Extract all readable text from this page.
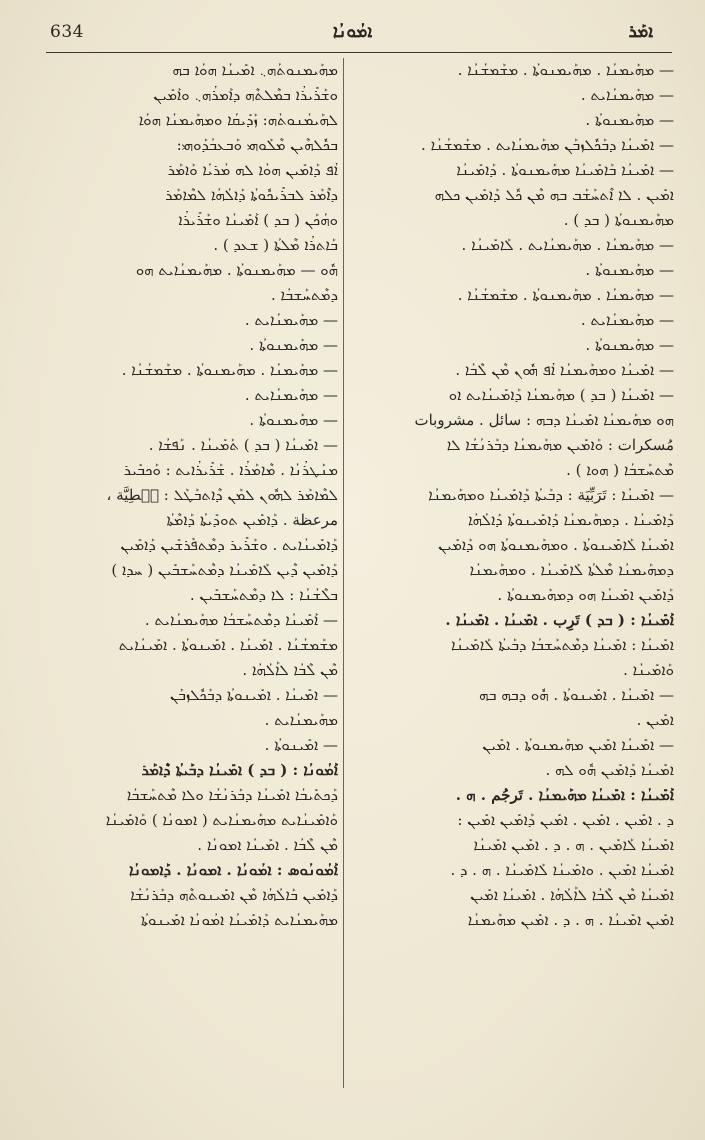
634	ܐܡܳܘܢܳܐ	ܐܡܰܪ
ܡܗܰܝܡܢܘܬܳܗ܆ ܐܡܺܝܢܳܐ ܗܘܳܐ ܒܗ
ܘܫܰܪܺܝܪܳܐ ܒܡܶܠܬܶܗ ܕܐܰܡܪܳܗ܆ ܘܐܰܡܺܝܢ
ܠܗܰܝܡܳܢܘܬܳܗ: ܙܰܕܺܝܩܳܐ ܘܡܗܰܝܡܢܳܐ ܗܘܳܐ
ܒܟܽܠܗܶܝܢ ܡܶܠܰܘܗܝ ܘܰܒܥܒܳܕܰܘܗܝ:
ܐܳܦ ܕܰܐܡܺܝܢ ܗܘܳܐ ܠܗ ܡܳܪܝܳܐ ܘܰܐܡܰܪ
ܕܐܶܡܰܪ ܠܒܪܺܝܟܽܘܬܳܐ ܕܰܐܠܳܗܳܐ ܠܡܶܐܡܰܪ
ܘܗܳܟܰܢ ( ܒܕ ) ܐܰܡܺܝܢܳܐ ܘܫܰܪܺܝܪܳܐ
ܒܰܐܬܪܳܐ ܡܶܠܬܳܐ ( ܫܥܕ ) .
ܗܽܘ — ܡܗܰܝܡܢܘܬܳܐ . ܡܗܰܝܡܢܳܐܝܬ ܗܘ
ܕܡܶܬܚܰܫܒܳܐ .
— ܡܗܰܝܡܢܳܐܝܬ .
— ܡܗܰܝܡܢܘܬܳܐ .
— ܡܗܰܝܡܢܳܐ . ܡܗܰܝܡܢܘܬܳܐ . ܡܫܰܡܫܳܢܳܐ .
— ܡܗܰܝܡܢܳܐܝܬ .
— ܡܗܰܝܡܢܘܬܳܐ .
— ܐܡܺܝܢܳܐ ( ܒܕ ) ܬܰܡܺܝܢܳܐ . ܢܰܦܫܳܐ .
ܡܢܰܛܪܳܢܳܐ . ܡܶܐܡܰܪܳܐ . ܫܰܪܺܝܪܳܐܝܬ : ܘܰܟܒܺܝܪ
ܠܡܶܐܡܰܪ ܠܗܽܘܢ ܠܡܰܢ ܕܶܐܬܒܰܛܰܠ : ܚَطِيَّة ،
مرعظة . ܕܰܐܡܺܝܢ ܬܘܕܺܝܬܳܐ ܕܰܐܡܶܬܳܐ
ܕܰܐܡܺܝܢܳܐܝܬ . ܘܫܰܪܺܝܪ ܕܡܶܬܦܰܪܫܺܝܢ ܕܰܐܡܺܝܢ
ܕܰܐܡܺܝܢ ܕܶܝܢ ܠܰܐܡܺܝܢܳܐ ܕܡܶܬܚܰܫܒܺܝܢ ( ܚܕܐ )
ܒܠܶܫܳܢܳܐ : ܠܐ ܕܡܶܬܚܰܫܒܺܝܢ .
— ܐܰܡܺܝܢܳܐ ܕܡܶܬܚܰܫܒܳܐ ܡܗܰܝܡܢܳܐܝܬ .
ܡܫܰܡܫܳܢܳܐ . ܐܡܺܝܢܳܐ . ܐܡܺܝܢܘܬܳܐ . ܐܡܺܝܢܳܐܝܬ
ܡܶܢ ܠܶܒܳܐ ܠܐܰܠܳܗܳܐ .
— ܐܡܺܝܢܳܐ . ܐܡܺܝܢܘܬܳܐ ܕܒܰܟܽܠܙܒܰܢ
ܡܗܰܝܡܢܳܐܝܬ .
— ܐܡܺܝܢܘܬܳܐ .
ܐܰܡܳܘܢܳܐ : ( ܒܕ ) ܐܡܺܝܢܳܐ ܕܒܰܝܬܳܐ ܕܶܐܡܰܪ
ܕܰܟܬܺܝܒܳܐ ܐܡܺܝܢܳܐ ܕܒܰܪܢܳܫܳܐ ܘܠܐ ܡܶܬܚܰܫܒܳܐ
ܘܰܐܡܺܝܢܳܐܝܬ ܡܗܰܝܡܢܳܐܝܬ ( ܐܡܘܢܳܐ ) ܘܰܐܡܺܝܢܳܐ
ܡܶܢ ܠܶܒܳܐ . ܐܡܺܝܢܳܐ ܐܡܘܢܳܐ .
ܐܰܡܳܘܢܳܘܣ : ܐܡܳܘܢܳܐ . ܐܡܘܢܳܐ . ܕܰܐܡܘܢܳܐ
ܕܰܐܡܺܝܢ ܒܰܐܠܳܗܳܐ ܡܶܢ ܐܡܺܝܢܘܬܶܗ ܕܒܰܪܢܳܫܳܐ
ܡܗܰܝܡܢܳܐܝܬ ܕܰܐܡܺܝܢܳܐ ܐܡܳܘܢܳܐ ܐܡܺܝܢܘܬܳܐ
— ܡܗܰܝܡܢܳܐ . ܡܗܰܝܡܢܘܬܳܐ . ܡܫܰܡܫܳܢܳܐ .
— ܡܗܰܝܡܢܳܐܝܬ .
— ܡܗܰܝܡܢܘܬܳܐ .
— ܐܡܺܝܢܳܐ ܕܒܰܟܽܠܙܒܰܢ ܡܗܰܝܡܢܳܐܝܬ . ܡܫܰܡܫܳܢܳܐ .
— ܐܡܺܝܢܳܐ ܒܰܐܡܺܝܢܳܐ ܡܗܰܝܡܢܘܬܳܐ . ܕܰܐܡܺܝܢܳܐ
ܐܡܺܝܢ . ܠܐ ܐܶܬܚܰܫܰܒ ܒܗ ܡܶܢ ܟܽܠ ܕܰܐܡܺܝܢ ܟܠܗ
ܡܗܰܝܡܢܘܬܳܐ ( ܒܕ ) .
— ܡܗܰܝܡܢܳܐ . ܡܗܰܝܡܢܳܐܝܬ . ܠܰܐܡܺܝܢܳܐ .
— ܡܗܰܝܡܢܘܬܳܐ .
— ܡܗܰܝܡܢܳܐ . ܡܗܰܝܡܢܘܬܳܐ . ܡܫܰܡܫܳܢܳܐ .
— ܡܗܰܝܡܢܳܐܝܬ .
— ܡܗܰܝܡܢܘܬܳܐ .
— ܐܡܺܝܢܳܐ ܘܡܗܰܝܡܢܳܐ ܐܳܦ ܗܽܘܢ ܡܶܢ ܠܶܒܳܐ .
— ܐܡܺܝܢܳܐ ( ܒܕ ) ܡܗܰܝܡܢܳܐ ܕܰܐܡܺܝܢܳܐܝܬ ܐܘ
ܗܘ ܡܗܰܝܡܢܳܐ ܐܡܺܝܢܳܐ ܕܒܗ : سائل . مشروبات
مُسكرات : ܘܰܐܡܺܝܢ ܡܗܰܝܡܢܳܐ ܕܒܰܪܢܳܫܳܐ ܠܐ
ܡܶܬܚܰܫܒܳܐ ( ܗܘܐ ) .
— ܐܡܺܝܢܳܐ : تَرَبِّيَة : ܕܒܰܝܬܳܐ ܕܰܐܡܺܝܢܳܐ ܘܡܗܰܝܡܢܳܐ
ܕܰܐܡܺܝܢܳܐ . ܕܡܗܰܝܡܢܳܐ ܕܰܐܡܺܝܢܘܬܳܐ ܕܰܐܠܳܗܳܐ
ܐܡܺܝܢܳܐ ܠܰܐܡܺܝܢܘܬܳܐ . ܘܡܗܰܝܡܢܘܬܳܐ ܗܘ ܕܰܐܡܺܝܢ
ܕܡܗܰܝܡܢܳܐ ܡܶܠܬܳܐ ܠܰܐܡܺܝܢܳܐ . ܘܡܗܰܝܡܢܳܐ
ܕܰܐܡܺܝܢ ܐܡܺܝܢܳܐ ܗܘ ܕܡܗܰܝܡܢܘܬܳܐ .
ܐܰܡܺܝܢܳܐ : ( ܒܕ ) تَرِب . ܐܡܺܝܢܳܐ . ܐܡܺܝܢܳܐ .
ܐܡܺܝܢܳܐ : ܐܡܺܝܢܳܐ ܕܡܶܬܚܰܫܒܳܐ ܕܒܰܝܬܳܐ ܠܰܐܡܺܝܢܳܐ
ܘܰܐܡܺܝܢܳܐ .
— ܐܡܺܝܢܳܐ . ܐܡܺܝܢܘܬܳܐ . ܗܽܘ ܕܒܗ ܒܗ
ܐܡܺܝܢ .
— ܐܡܺܝܢܳܐ ܐܡܺܝܢ ܡܗܰܝܡܢܘܬܳܐ . ܐܡܺܝܢ
ܐܡܺܝܢܳܐ ܕܰܐܡܺܝܢ ܗܽܘ ܠܗ .
ܐܰܡܺܝܢܳܐ : ܐܡܺܝܢܳܐ ܡܗܰܝܡܢܳܐ . تَرجُم . ܗ .
ܕ . ܐܡܺܝܢ . ܐܡܺܝܢ . ܐܡܺܝܢ ܕܰܐܡܺܝܢ ܐܡܺܝܢ :
ܐܡܺܝܢܳܐ ܠܰܐܡܺܝܢ . ܗ . ܕ . ܐܡܺܝܢ ܐܡܺܝܢܳܐ
ܐܡܺܝܢܳܐ ܐܡܺܝܢ . ܘܐܡܺܝܢܳܐ ܠܰܐܡܺܝܢܳܐ . ܗ . ܕ .
ܐܡܺܝܢܳܐ ܡܶܢ ܠܶܒܳܐ ܠܐܰܠܳܗܳܐ . ܐܡܺܝܢܳܐ ܐܡܺܝܢ
ܐܡܺܝܢ ܐܡܺܝܢܳܐ . ܗ . ܕ . ܐܡܺܝܢ ܡܗܰܝܡܢܳܐ
